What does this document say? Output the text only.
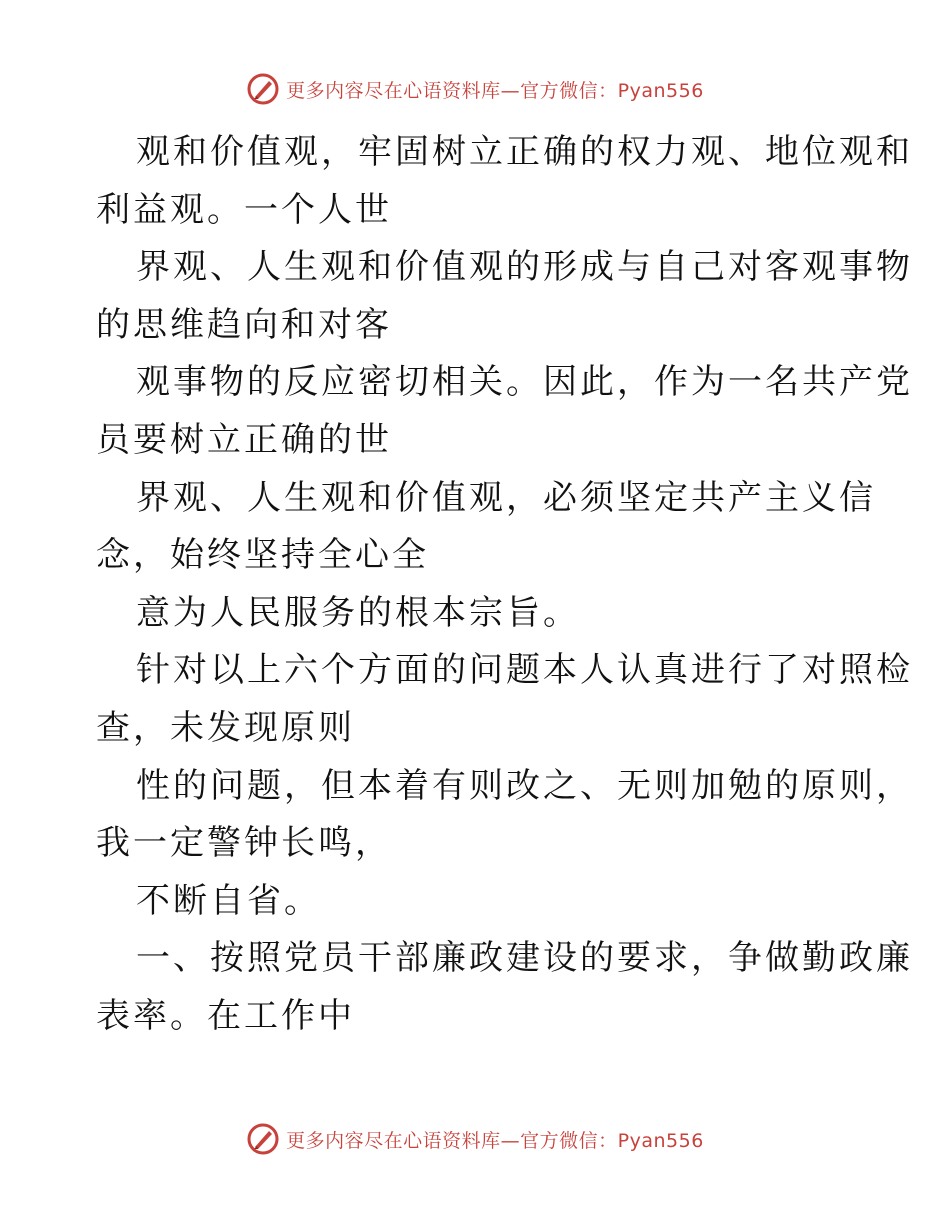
更多内容尽在心语资料库—官方微信：Pyan556
观和价值观，牢固树立正确的权力观、地位观和
利益观。一个人世
界观、人生观和价值观的形成与自己对客观事物
的思维趋向和对客
观事物的反应密切相关。因此，作为一名共产党
员要树立正确的世
界观、人生观和价值观，必须坚定共产主义信
念，始终坚持全心全
意为人民服务的根本宗旨。
针对以上六个方面的问题本人认真进行了对照检
查，未发现原则
性的问题，但本着有则改之、无则加勉的原则，
我一定警钟长鸣，
不断自省。
一、按照党员干部廉政建设的要求，争做勤政廉
表率。在工作中
更多内容尽在心语资料库—官方微信：Pyan556
